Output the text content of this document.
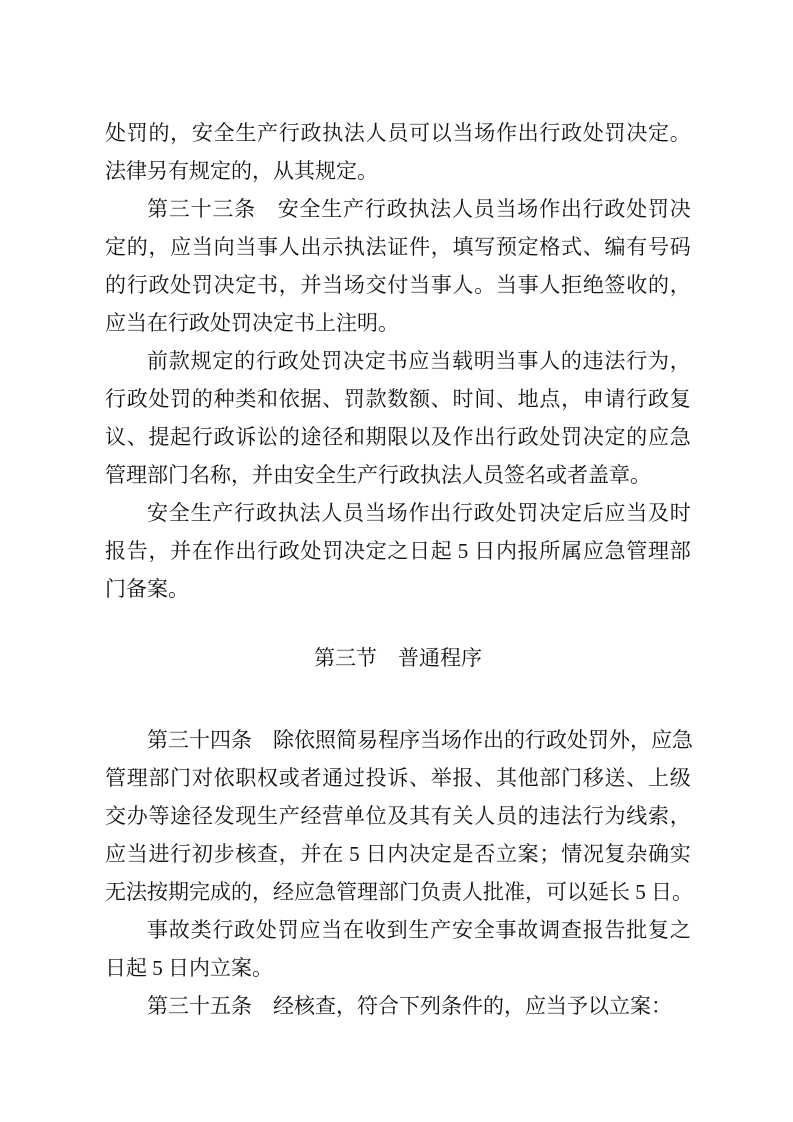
处 罚 的 ， 安 全 生 产 行 政 执 法 人 员 可 以 当 场 作 出 行 政 处 罚 决 定 。
法律另有规定的，从其规定。
第 三 十 三 条
　 安 全 生 产 行 政 执 法 人 员 当 场 作 出 行 政 处 罚 决
定 的 ， 应 当 向 当 事 人 出 示 执 法 证 件 ， 填 写 预 定 格 式 、 编 有 号 码
的 行 政 处 罚 决 定 书 ， 并 当 场 交 付 当 事 人 。 当 事 人 拒 绝 签 收 的 ，
应当在行政处罚决定书上注明。
前 款 规 定 的 行 政 处 罚 决 定 书 应 当 载 明 当 事 人 的 违 法 行 为 ，
行 政 处 罚 的 种 类 和 依 据 、 罚 款 数 额 、 时 间 、 地 点 ， 申 请 行 政 复
议 、 提 起 行 政 诉 讼 的 途 径 和 期 限 以 及 作 出 行 政 处 罚 决 定 的 应 急
管理部门名称，并由安全生产行政执法人员签名或者盖章。
安 全 生 产 行 政 执 法 人 员 当 场 作 出 行 政 处 罚 决 定 后 应 当 及 时
报 告 ， 并 在 作 出 行 政 处 罚 决 定 之 日 起 5 日 内 报 所 属 应 急 管 理 部
门备案。
第三节　普通程序
第 三 十 四 条
　 除 依 照 简 易 程 序 当 场 作 出 的 行 政 处 罚 外 ， 应 急
管 理 部 门 对 依 职 权 或 者 通 过 投 诉 、 举 报 、 其 他 部 门 移 送 、 上 级
交 办 等 途 径 发 现 生 产 经 营 单 位 及 其 有 关 人 员 的 违 法 行 为 线 索 ，
应 当 进 行 初 步 核 查 ， 并 在 5 日 内 决 定 是 否 立 案 ； 情 况 复 杂 确 实
无法按期完成的，经应急管理部门负责人批准，可以延长 5 日。
事 故 类 行 政 处 罚 应 当 在 收 到 生 产 安 全 事 故 调 查 报 告 批 复 之
日起 5 日内立案。
第三十五条　经核查，符合下列条件的，应当予以立案：
